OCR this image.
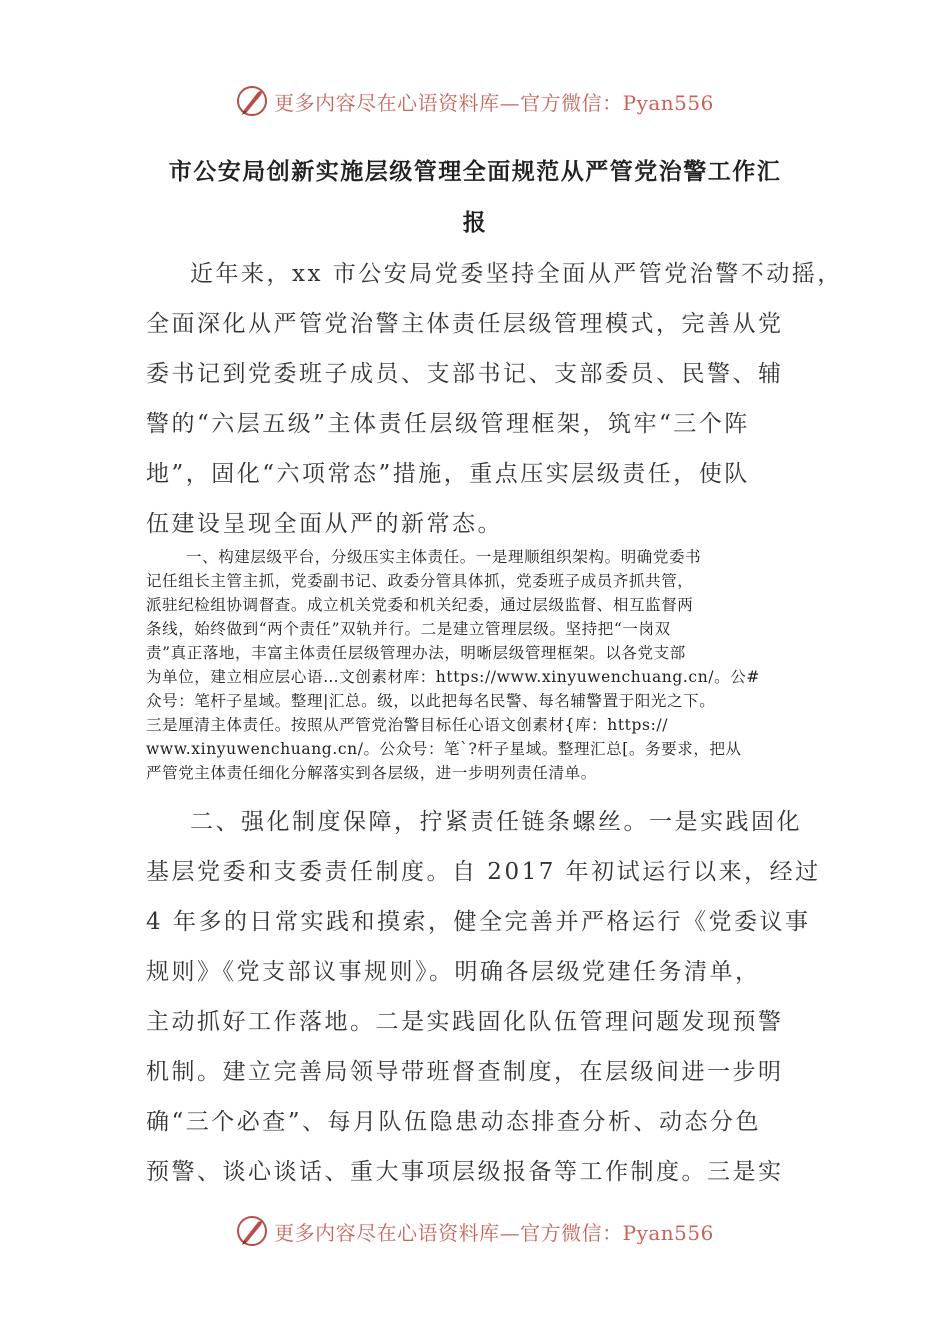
更多内容尽在心语资料库—官方微信：Pyan556
市公安局创新实施层级管理全面规范从严管党治警工作汇
报
近年来，xx 市公安局党委坚持全面从严管党治警不动摇，
全面深化从严管党治警主体责任层级管理模式，完善从党
委书记到党委班子成员、支部书记、支部委员、民警、辅
警的“六层五级”主体责任层级管理框架，筑牢“三个阵
地”，固化“六项常态”措施，重点压实层级责任，使队
伍建设呈现全面从严的新常态。
一、构建层级平台，分级压实主体责任。一是理顺组织架构。明确党委书
记任组长主管主抓，党委副书记、政委分管具体抓，党委班子成员齐抓共管，
派驻纪检组协调督查。成立机关党委和机关纪委，通过层级监督、相互监督两
条线，始终做到“两个责任”双轨并行。二是建立管理层级。坚持把“一岗双
责”真正落地，丰富主体责任层级管理办法，明晰层级管理框架。以各党支部
为单位，建立相应层心语…文创素材库：https://www.xinyuwenchuang.cn/。公#
众号：笔杆子星域。整理|汇总。级，以此把每名民警、每名辅警置于阳光之下。
三是厘清主体责任。按照从严管党治警目标任心语文创素材{库：https://
www.xinyuwenchuang.cn/。公众号：笔`?杆子星域。整理汇总[。务要求，把从
严管党主体责任细化分解落实到各层级，进一步明列责任清单。
二、强化制度保障，拧紧责任链条螺丝。一是实践固化
基层党委和支委责任制度。自 2017 年初试运行以来，经过
4 年多的日常实践和摸索，健全完善并严格运行《党委议事
规则》《党支部议事规则》。明确各层级党建任务清单，
主动抓好工作落地。二是实践固化队伍管理问题发现预警
机制。建立完善局领导带班督查制度，在层级间进一步明
确“三个必查”、每月队伍隐患动态排查分析、动态分色
预警、谈心谈话、重大事项层级报备等工作制度。三是实
更多内容尽在心语资料库—官方微信：Pyan556
